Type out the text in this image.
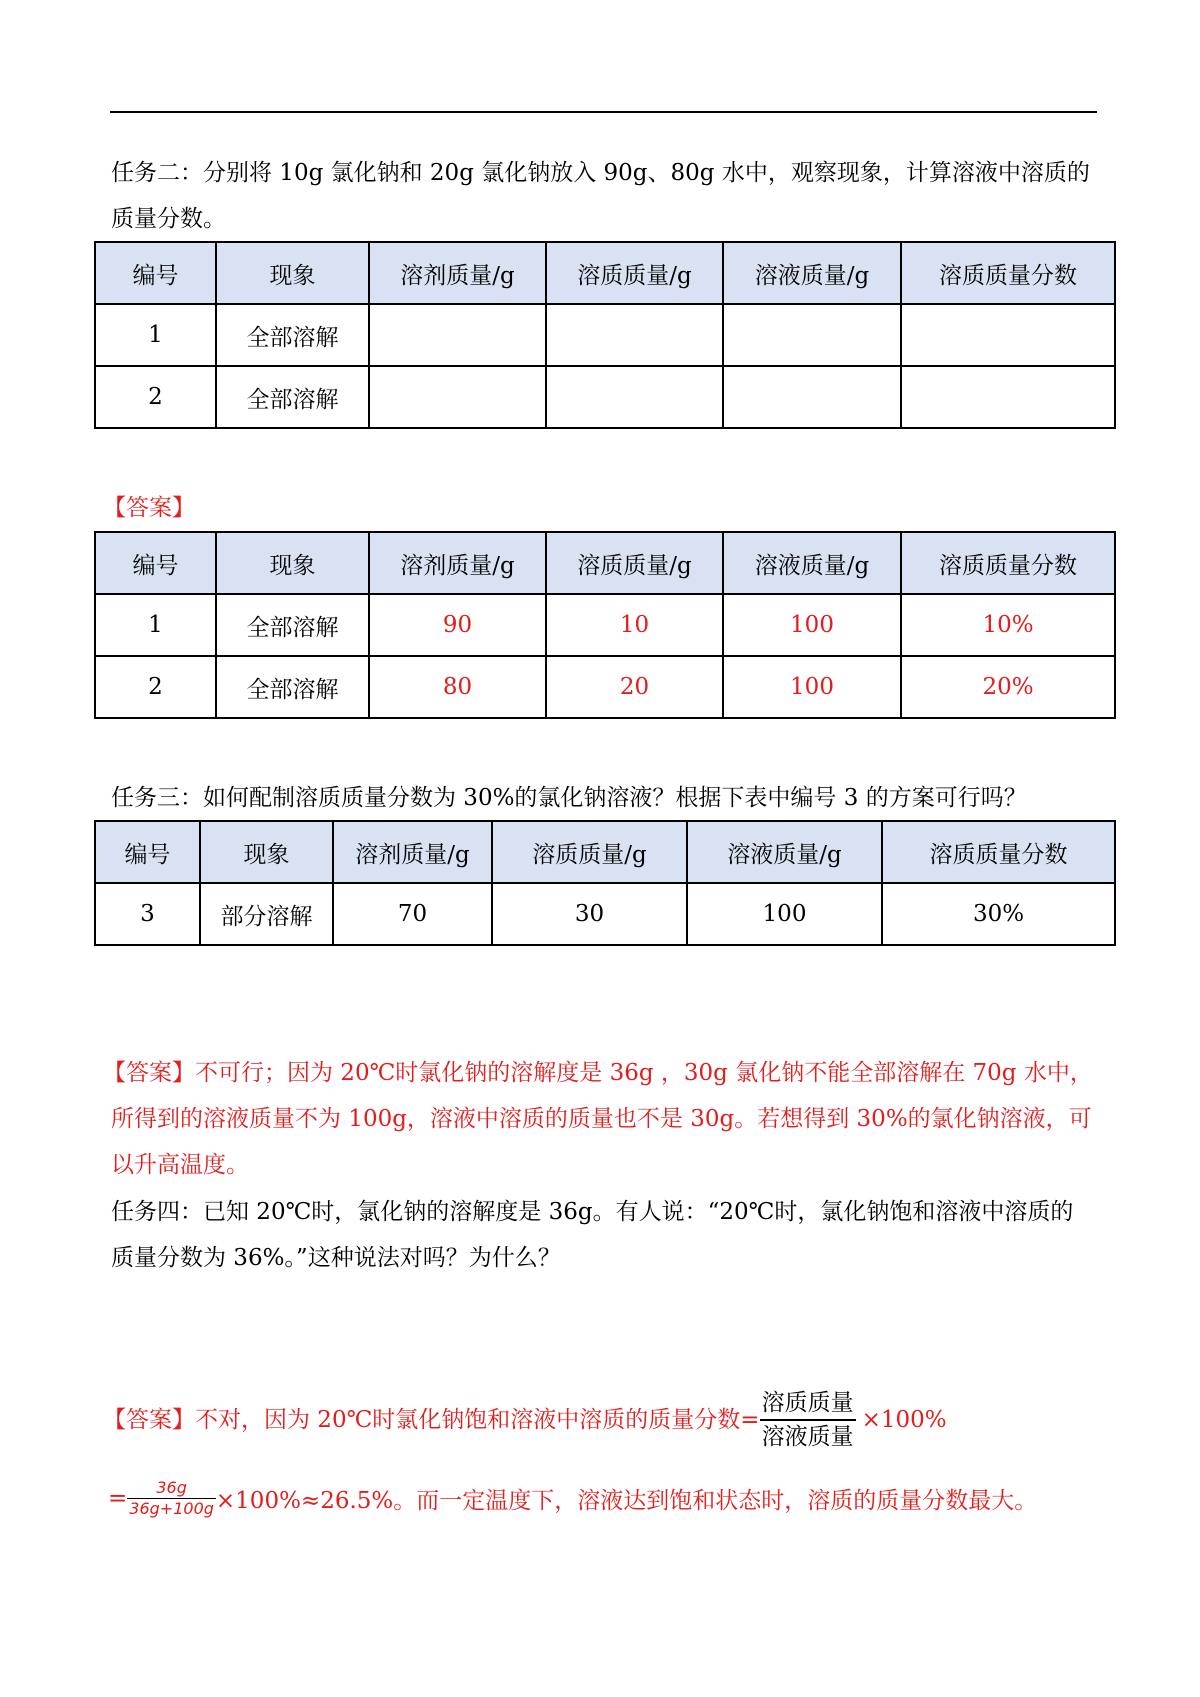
任务二：分别将 10g 氯化钠和 20g 氯化钠放入 90g、80g 水中，观察现象，计算溶液中溶质的
质量分数。

编号	现象	溶剂质量/g	溶质质量/g	溶液质量/g	溶质质量分数
1	全部溶解				
2	全部溶解				

【答案】

编号	现象	溶剂质量/g	溶质质量/g	溶液质量/g	溶质质量分数
1	全部溶解	90	10	100	10%
2	全部溶解	80	20	100	20%

任务三：如何配制溶质质量分数为 30%的氯化钠溶液？根据下表中编号 3 的方案可行吗？

编号	现象	溶剂质量/g	溶质质量/g	溶液质量/g	溶质质量分数
3	部分溶解	70	30	100	30%

【答案】不可行；因为 20℃时氯化钠的溶解度是 36g ，30g 氯化钠不能全部溶解在 70g 水中，
所得到的溶液质量不为 100g，溶液中溶质的质量也不是 30g。若想得到 30%的氯化钠溶液，可
以升高温度。

任务四：已知 20℃时，氯化钠的溶解度是 36g。有人说：“20℃时，氯化钠饱和溶液中溶质的
质量分数为 36%。”这种说法对吗？为什么？

【答案】不对，因为 20℃时氯化钠饱和溶液中溶质的质量分数= $\frac{\text{溶质质量}}{\text{溶液质量}} \times 100\%$
= $\frac{36g}{36g+100g} \times 100\%\approx 26.5\%$。而一定温度下，溶液达到饱和状态时，溶质的质量分数最大。
